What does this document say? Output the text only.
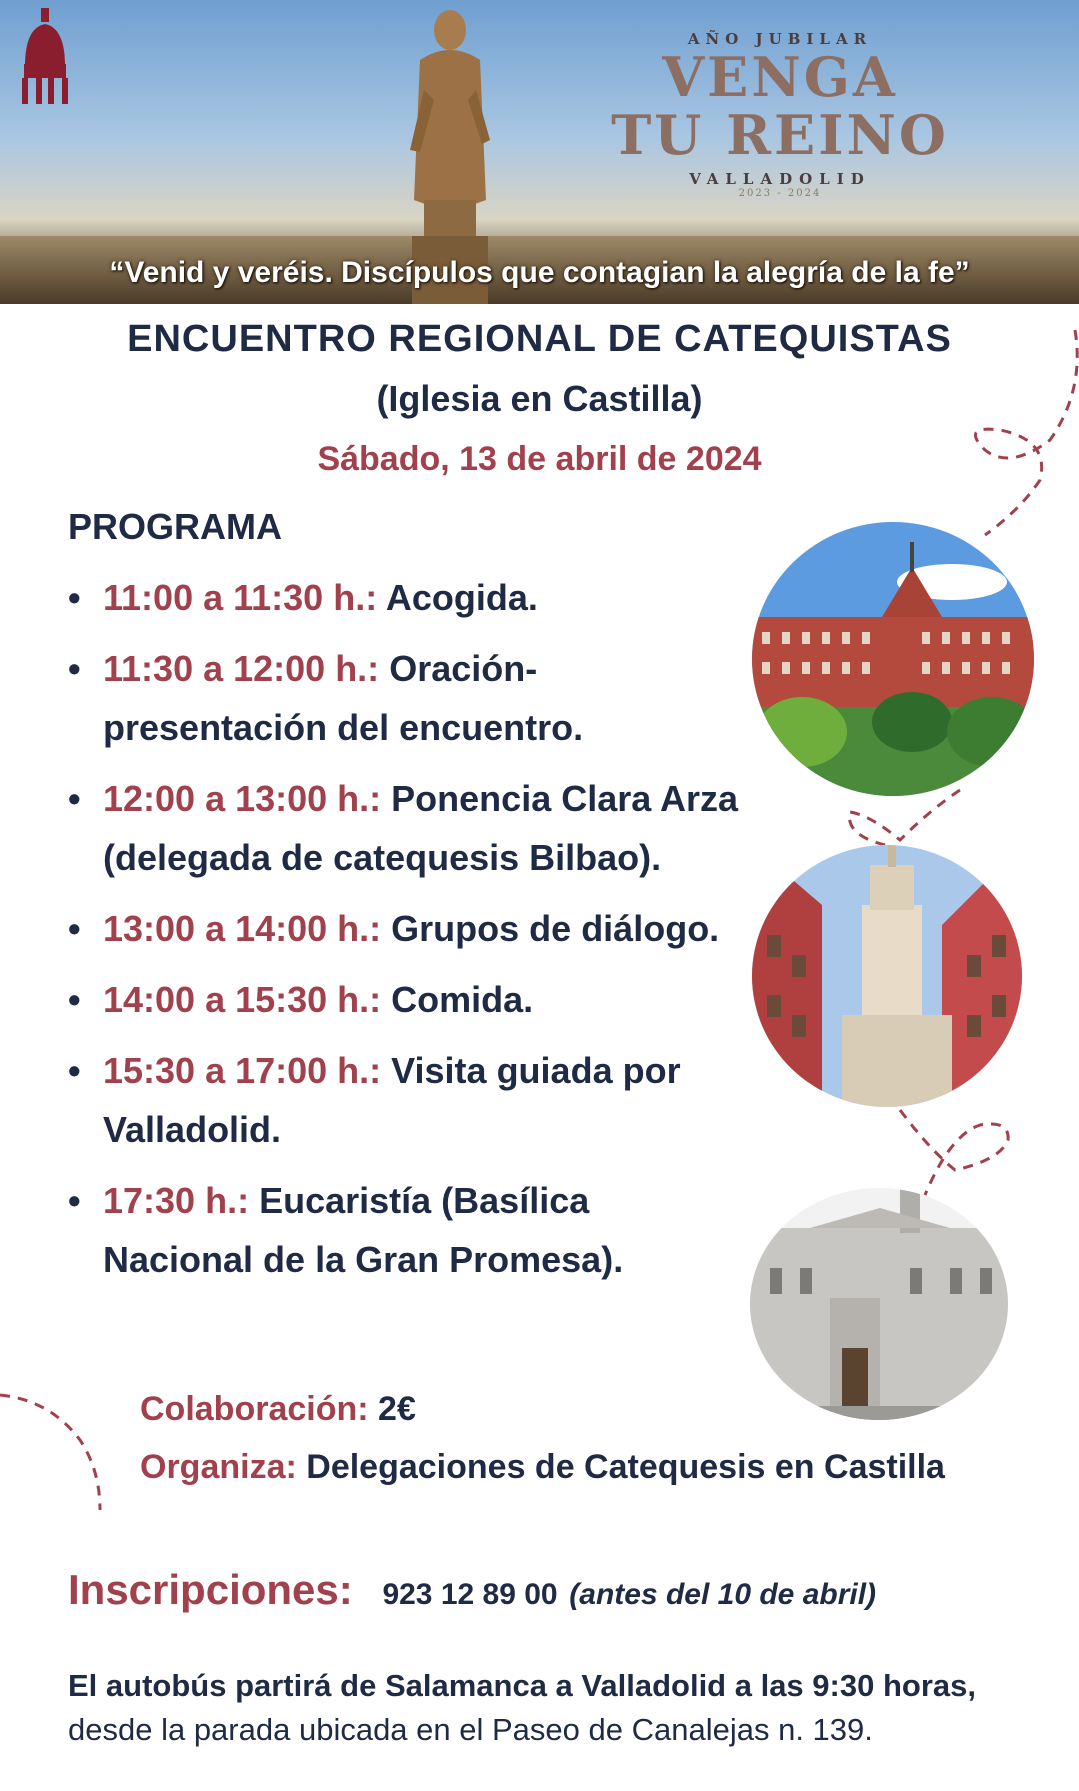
AÑO JUBILAR
VENGA
TU REINO
VALLADOLID
2023 - 2024
“Venid y veréis. Discípulos que contagian la alegría de la fe”
ENCUENTRO REGIONAL DE CATEQUISTAS
(Iglesia en Castilla)
Sábado, 13 de abril de 2024
PROGRAMA
• 11:00 a 11:30 h.: Acogida.
• 11:30 a 12:00 h.: Oración-presentación del encuentro.
• 12:00 a 13:00 h.: Ponencia Clara Arza (delegada de catequesis Bilbao).
• 13:00 a 14:00 h.: Grupos de diálogo.
• 14:00 a 15:30 h.: Comida.
• 15:30 a 17:00 h.: Visita guiada por Valladolid.
• 17:30 h.: Eucaristía (Basílica Nacional de la Gran Promesa).
Colaboración: 2€
Organiza: Delegaciones de Catequesis en Castilla
Inscripciones: 923 12 89 00 (antes del 10 de abril)
El autobús partirá de Salamanca a Valladolid a las 9:30 horas,
desde la parada ubicada en el Paseo de Canalejas n. 139.
